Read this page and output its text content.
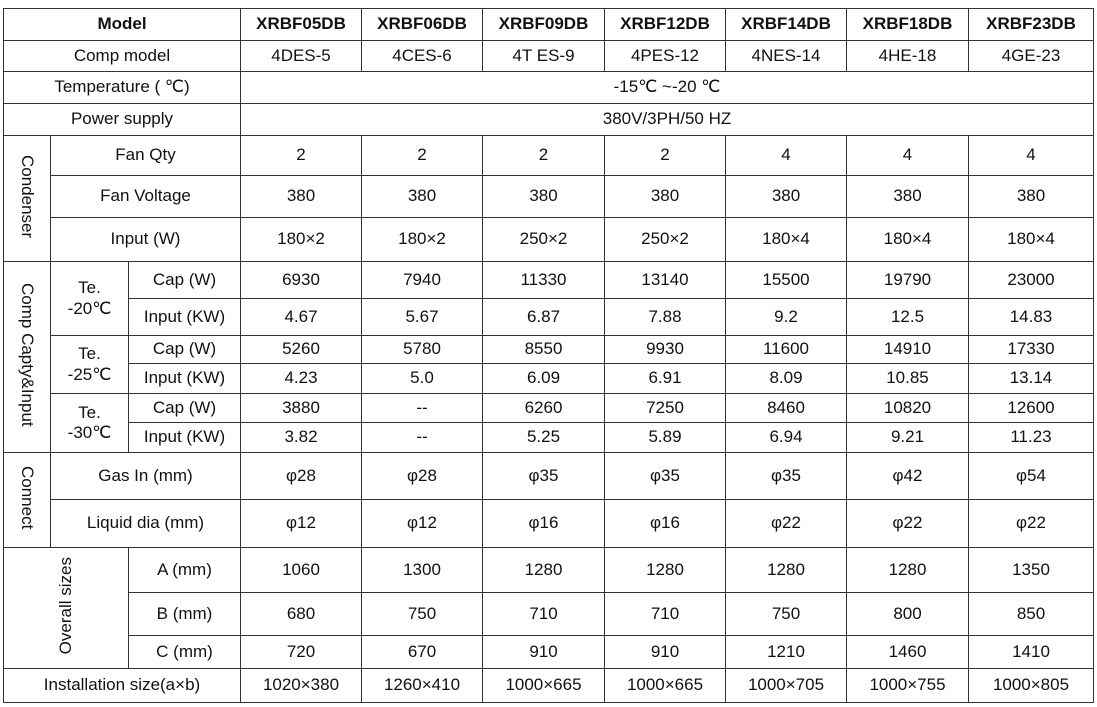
Model			XRBF05DB	XRBF06DB	XRBF09DB	XRBF12DB	XRBF14DB	XRBF18DB	XRBF23DB
Comp model			4DES-5	4CES-6	4T ES-9	4PES-12	4NES-14	4HE-18	4GE-23
Temperature ( ℃)			-15℃ ~-20 ℃						
Power supply			380V/3PH/50 HZ						
Condenser	Fan Qty		2	2	2	2	4	4	4
	Fan Voltage		380	380	380	380	380	380	380
	Input (W)		180×2	180×2	250×2	250×2	180×4	180×4	180×4
Comp Capty&Input	Te.
-20℃	Cap (W)	6930	7940	11330	13140	15500	19790	23000
		Input (KW)	4.67	5.67	6.87	7.88	9.2	12.5	14.83

	Te.
-25℃	Cap (W)	5260	5780	8550	9930	11600	14910	17330
		Input (KW)	4.23	5.0	6.09	6.91	8.09	10.85	13.14

	Te.
-30℃	Cap (W)	3880	--	6260	7250	8460	10820	12600
		Input (KW)	3.82	--	5.25	5.89	6.94	9.21	11.23
Connect	Gas In (mm)		φ28	φ28	φ35	φ35	φ35	φ42	φ54
	Liquid dia (mm)		φ12	φ12	φ16	φ16	φ22	φ22	φ22
Overall sizes		A (mm)	1060	1300	1280	1280	1280	1280	1350
		B (mm)	680	750	710	710	750	800	850
		C (mm)	720	670	910	910	1210	1460	1410
Installation size(a×b)			1020×380	1260×410	1000×665	1000×665	1000×705	1000×755	1000×805
